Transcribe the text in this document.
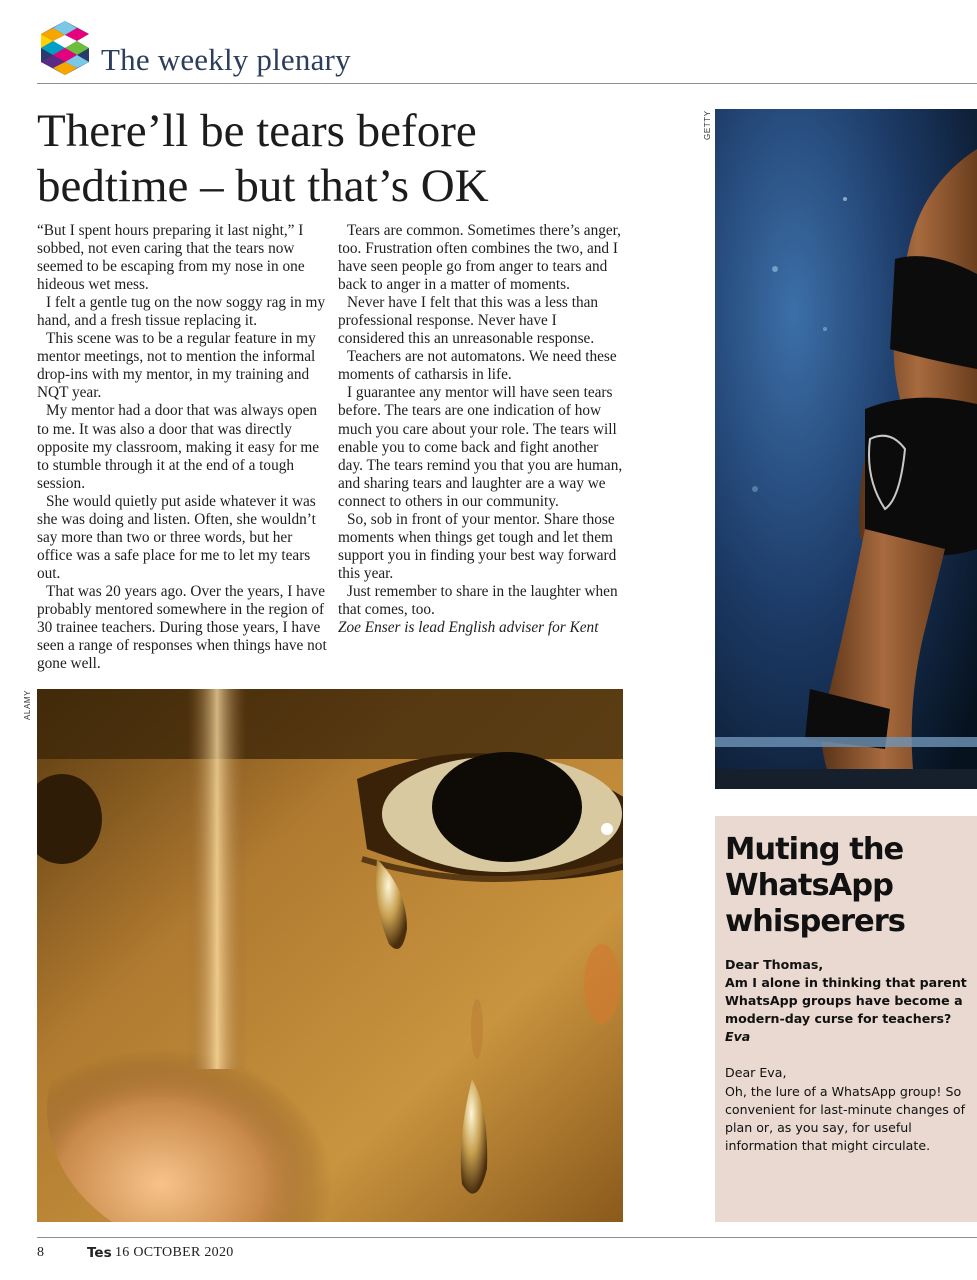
The weekly plenary
There’ll be tears before
bedtime – but that’s OK

“But I spent hours preparing it last night,” I sobbed, not even caring that the tears now seemed to be escaping from my nose in one hideous wet mess.

I felt a gentle tug on the now soggy rag in my hand, and a fresh tissue replacing it.

This scene was to be a regular feature in my mentor meetings, not to mention the informal drop-ins with my mentor, in my training and NQT year.

My mentor had a door that was always open to me. It was also a door that was directly opposite my classroom, making it easy for me to stumble through it at the end of a tough session.

She would quietly put aside whatever it was she was doing and listen. Often, she wouldn’t say more than two or three words, but her office was a safe place for me to let my tears out.

That was 20 years ago. Over the years, I have probably mentored somewhere in the region of 30 trainee teachers. During those years, I have seen a range of responses when things have not gone well.

Tears are common. Sometimes there’s anger, too. Frustration often combines the two, and I have seen people go from anger to tears and back to anger in a matter of moments.

Never have I felt that this was a less than professional response. Never have I considered this an unreasonable response.

Teachers are not automatons. We need these moments of catharsis in life.

I guarantee any mentor will have seen tears before. The tears are one indication of how much you care about your role. The tears will enable you to come back and fight another day. The tears remind you that you are human, and sharing tears and laughter are a way we connect to others in our community.

So, sob in front of your mentor. Share those moments when things get tough and let them support you in finding your best way forward this year.

Just remember to share in the laughter when that comes, too.

Zoe Enser is lead English adviser for Kent

ALAMY
GETTY
Muting the
WhatsApp
whisperers

Dear Thomas,
Am I alone in thinking that parent WhatsApp groups have become a modern-day curse for teachers?
Eva

Dear Eva,
Oh, the lure of a WhatsApp group! So convenient for last-minute changes of plan or, as you say, for useful information that might circulate.

8	Tes 16 OCTOBER 2020
